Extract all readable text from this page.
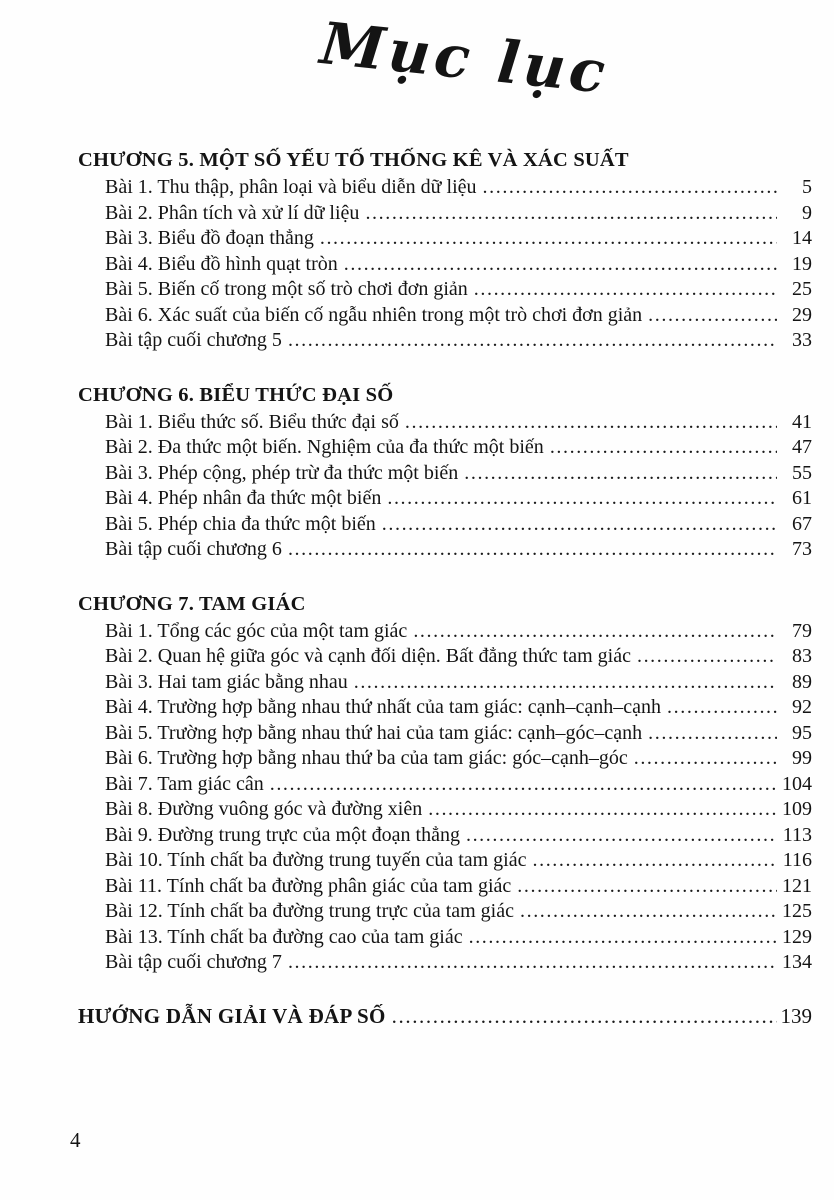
Mục lục
CHƯƠNG 5. MỘT SỐ YẾU TỐ THỐNG KÊ VÀ XÁC SUẤT
Bài 1. Thu thập, phân loại và biểu diễn dữ liệu .....	5
Bài 2. Phân tích và xử lí dữ liệu .....	9
Bài 3. Biểu đồ đoạn thẳng .....	14
Bài 4. Biểu đồ hình quạt tròn .....	19
Bài 5. Biến cố trong một số trò chơi đơn giản .....	25
Bài 6. Xác suất của biến cố ngẫu nhiên trong một trò chơi đơn giản .....	29
Bài tập cuối chương 5 .....	33
CHƯƠNG 6. BIỂU THỨC ĐẠI SỐ
Bài 1. Biểu thức số. Biểu thức đại số .....	41
Bài 2. Đa thức một biến. Nghiệm của đa thức một biến .....	47
Bài 3. Phép cộng, phép trừ đa thức một biến .....	55
Bài 4. Phép nhân đa thức một biến .....	61
Bài 5. Phép chia đa thức một biến .....	67
Bài tập cuối chương 6 .....	73
CHƯƠNG 7. TAM GIÁC
Bài 1. Tổng các góc của một tam giác .....	79
Bài 2. Quan hệ giữa góc và cạnh đối diện. Bất đẳng thức tam giác .....	83
Bài 3. Hai tam giác bằng nhau .....	89
Bài 4. Trường hợp bằng nhau thứ nhất của tam giác: cạnh–cạnh–cạnh .....	92
Bài 5. Trường hợp bằng nhau thứ hai của tam giác: cạnh–góc–cạnh .....	95
Bài 6. Trường hợp bằng nhau thứ ba của tam giác: góc–cạnh–góc .....	99
Bài 7. Tam giác cân .....	104
Bài 8. Đường vuông góc và đường xiên .....	109
Bài 9. Đường trung trực của một đoạn thẳng .....	113
Bài 10. Tính chất ba đường trung tuyến của tam giác .....	116
Bài 11. Tính chất ba đường phân giác của tam giác .....	121
Bài 12. Tính chất ba đường trung trực của tam giác .....	125
Bài 13. Tính chất ba đường cao của tam giác .....	129
Bài tập cuối chương 7 .....	134
HƯỚNG DẪN GIẢI VÀ ĐÁP SỐ .....	139
4
